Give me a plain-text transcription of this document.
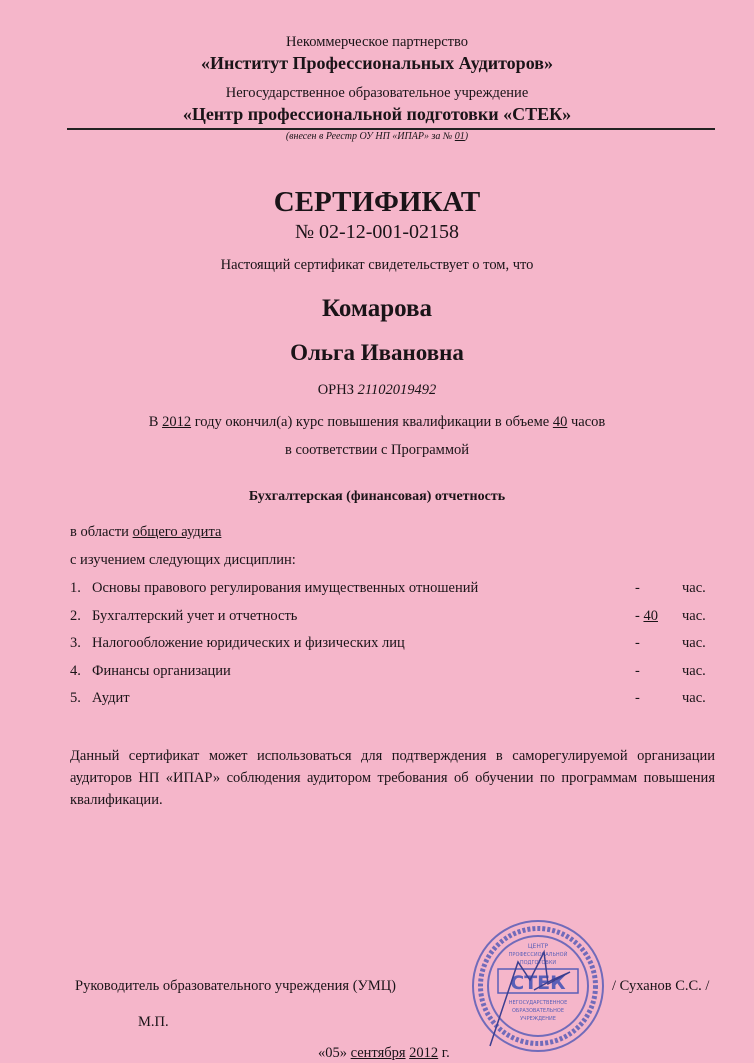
Некоммерческое партнерство
«Институт Профессиональных Аудиторов»
Негосударственное образовательное учреждение
«Центр профессиональной подготовки «СТЕК»
(внесен в Реестр ОУ НП «ИПАР» за № 01)
СЕРТИФИКАТ
№ 02-12-001-02158
Настоящий сертификат свидетельствует о том, что
Комарова
Ольга Ивановна
ОРНЗ 21102019492
В 2012 году окончил(а) курс повышения квалификации в объеме 40 часов
в соответствии с Программой
Бухгалтерская (финансовая) отчетность
в области общего аудита
с изучением следующих дисциплин:
1. Основы правового регулирования имущественных отношений	-	час.
2. Бухгалтерский учет и отчетность	- 40 час.
3. Налогообложение юридических и физических лиц	-	час.
4. Финансы организации	-	час.
5. Аудит	-	час.
Данный сертификат может использоваться для подтверждения в саморегулируемой организации аудиторов НП «ИПАР» соблюдения аудитором требования об обучении по программам повышения квалификации.
Руководитель образовательного учреждения (УМЦ)	/ Суханов С.С. /
М.П.
«05» сентября 2012 г.
ЦЕНТР
ПРОФЕССИОНАЛЬНОЙ
ПОДГОТОВКИ
СТЕК
НЕГОСУДАРСТВЕННОЕ
ОБРАЗОВАТЕЛЬНОЕ
УЧРЕЖДЕНИЕ
